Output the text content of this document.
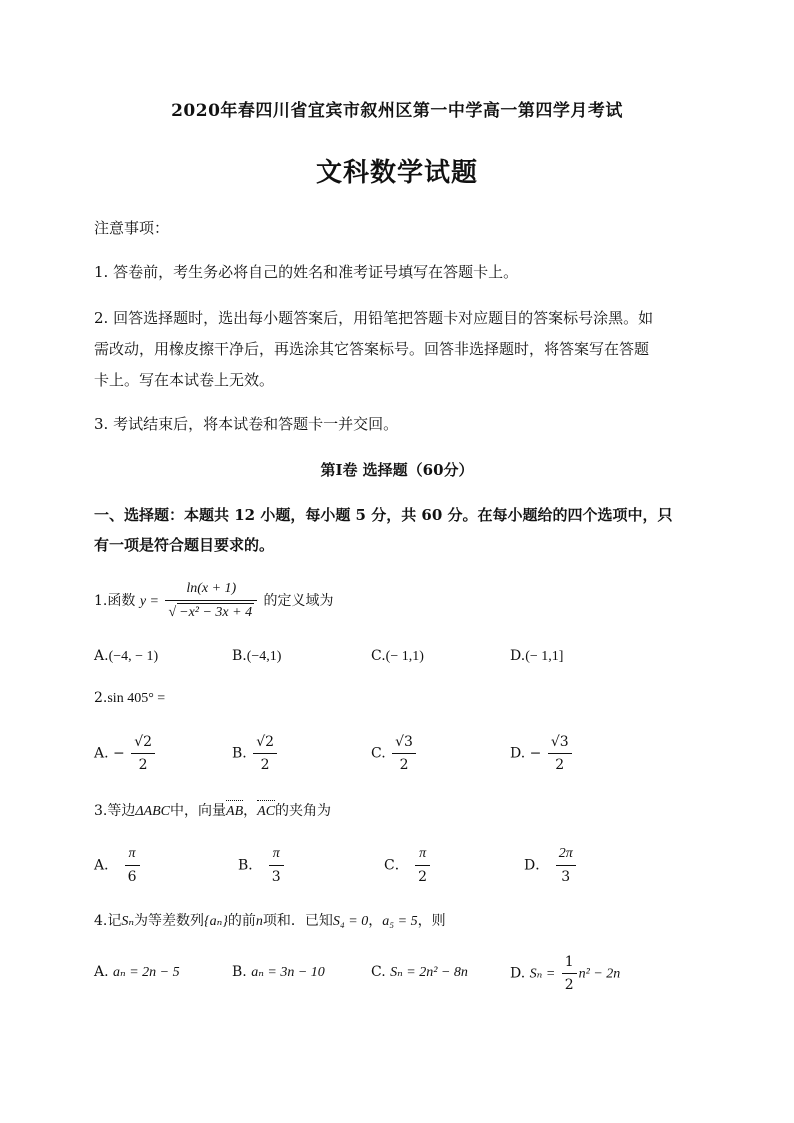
2020年春四川省宜宾市叙州区第一中学高一第四学月考试
文科数学试题
注意事项：
1. 答卷前，考生务必将自己的姓名和准考证号填写在答题卡上。
2. 回答选择题时，选出每小题答案后，用铅笔把答题卡对应题目的答案标号涂黑。如
需改动，用橡皮擦干净后，再选涂其它答案标号。回答非选择题时，将答案写在答题
卡上。写在本试卷上无效。
3. 考试结束后，将本试卷和答题卡一并交回。
第I卷 选择题（60分）
一、选择题：本题共 12 小题，每小题 5 分，共 60 分。在每小题给的四个选项中，只
有一项是符合题目要求的。
1.函数 $y = \frac{\ln(x + 1)}{\text{√ −x² − 3x + 4}}$ 的定义域为
A.(−4, − 1)	B.(−4,1)	C.(− 1,1)	D.(− 1,1]
2.sin 405° =
A. − $\frac{√2}{2}$	B. $\frac{√2}{2}$	C. $\frac{√3}{2}$	D. − $\frac{√3}{2}$
3.等边ΔABC中，向量AB，AC的夹角为
A． $\frac{\pi}{6}$	B． $\frac{\pi}{3}$	C． $\frac{\pi}{2}$	D． $\frac{2\pi}{3}$
4.记Sₙ为等差数列{aₙ}的前n项和．已知S₄ = 0，a₅ = 5，则
A. aₙ = 2n − 5	B. aₙ = 3n − 10	C. Sₙ = 2n² − 8n	D. $S_n = \frac{1}{2} n^2 - 2n$
